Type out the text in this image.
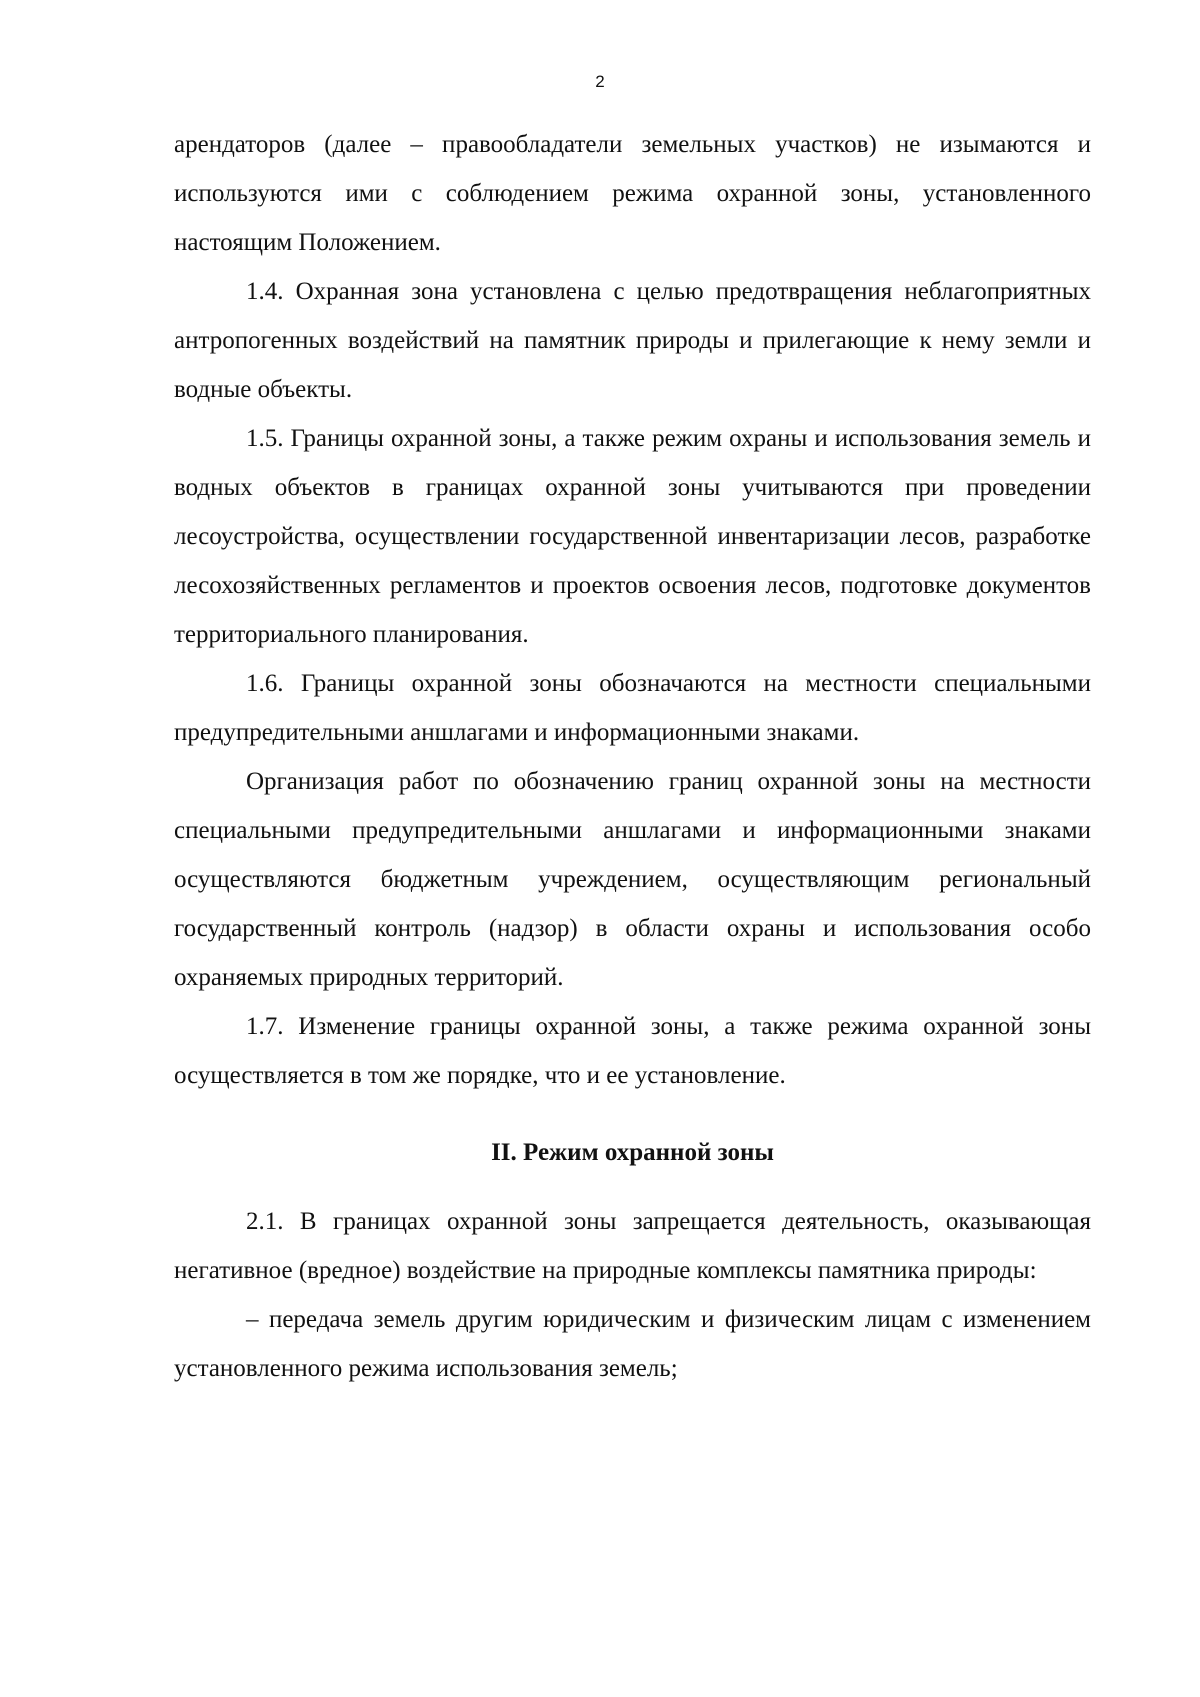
2

арендаторов (далее – правообладатели земельных участков) не изымаются и используются ими с соблюдением режима охранной зоны, установленного настоящим Положением.

1.4. Охранная зона установлена с целью предотвращения неблагоприятных антропогенных воздействий на памятник природы и прилегающие к нему земли и водные объекты.

1.5. Границы охранной зоны, а также режим охраны и использования земель и водных объектов в границах охранной зоны учитываются при проведении лесоустройства, осуществлении государственной инвентаризации лесов, разработке лесохозяйственных регламентов и проектов освоения лесов, подготовке документов территориального планирования.

1.6. Границы охранной зоны обозначаются на местности специальными предупредительными аншлагами и информационными знаками.

Организация работ по обозначению границ охранной зоны на местности специальными предупредительными аншлагами и информационными знаками осуществляются бюджетным учреждением, осуществляющим региональный государственный контроль (надзор) в области охраны и использования особо охраняемых природных территорий.

1.7. Изменение границы охранной зоны, а также режима охранной зоны осуществляется в том же порядке, что и ее установление.

II. Режим охранной зоны

2.1. В границах охранной зоны запрещается деятельность, оказывающая негативное (вредное) воздействие на природные комплексы памятника природы:

– передача земель другим юридическим и физическим лицам с изменением установленного режима использования земель;
